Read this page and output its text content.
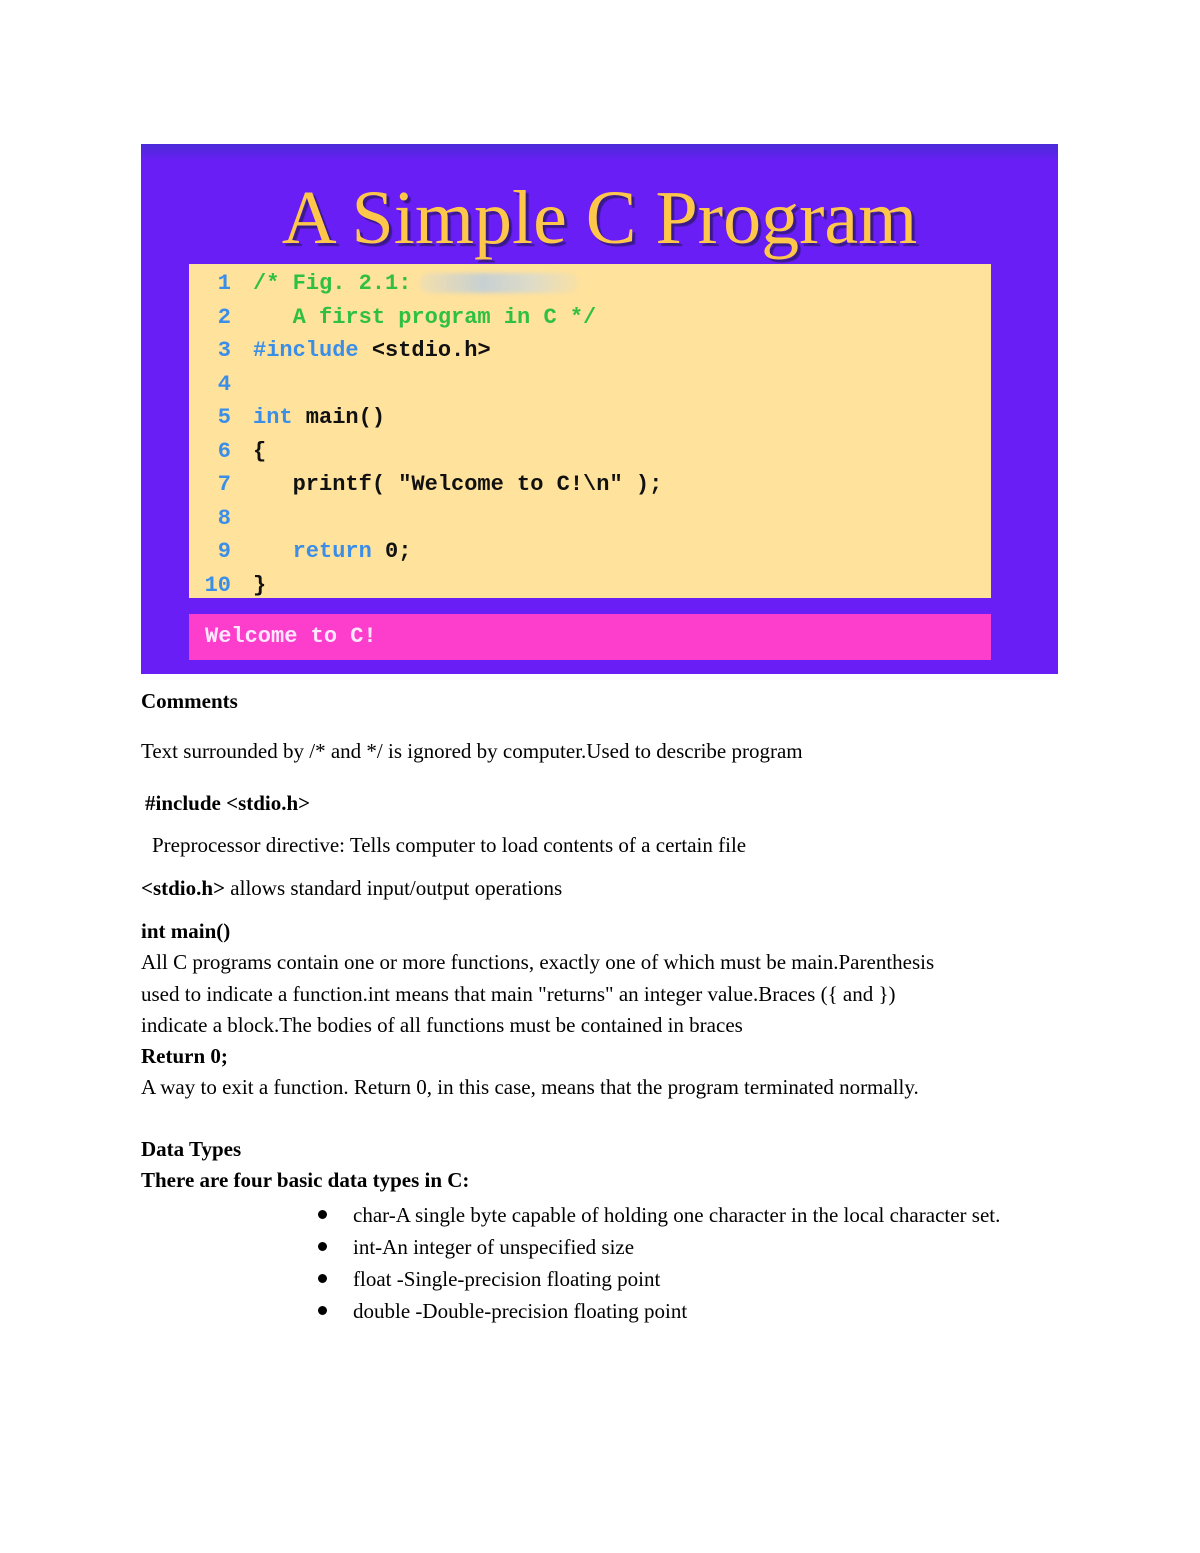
A Simple C Program
1 /* Fig. 2.1:
2 A first program in C */
3 #include <stdio.h>
4
5 int main()
6 {
7 printf( "Welcome to C!\n" );
8
9 return 0;
10 }
Welcome to C!
Comments
Text surrounded by /* and */ is ignored by computer.Used to describe program
#include <stdio.h>
Preprocessor directive: Tells computer to load contents of a certain file
<stdio.h> allows standard input/output operations
int main()
All C programs contain one or more functions, exactly one of which must be main.Parenthesis
used to indicate a function.int means that main "returns" an integer value.Braces ({ and })
indicate a block.The bodies of all functions must be contained in braces
Return 0;
A way to exit a function. Return 0, in this case, means that the program terminated normally.
Data Types
There are four basic data types in C:
char-A single byte capable of holding one character in the local character set.
int-An integer of unspecified size
float -Single-precision floating point
double -Double-precision floating point
